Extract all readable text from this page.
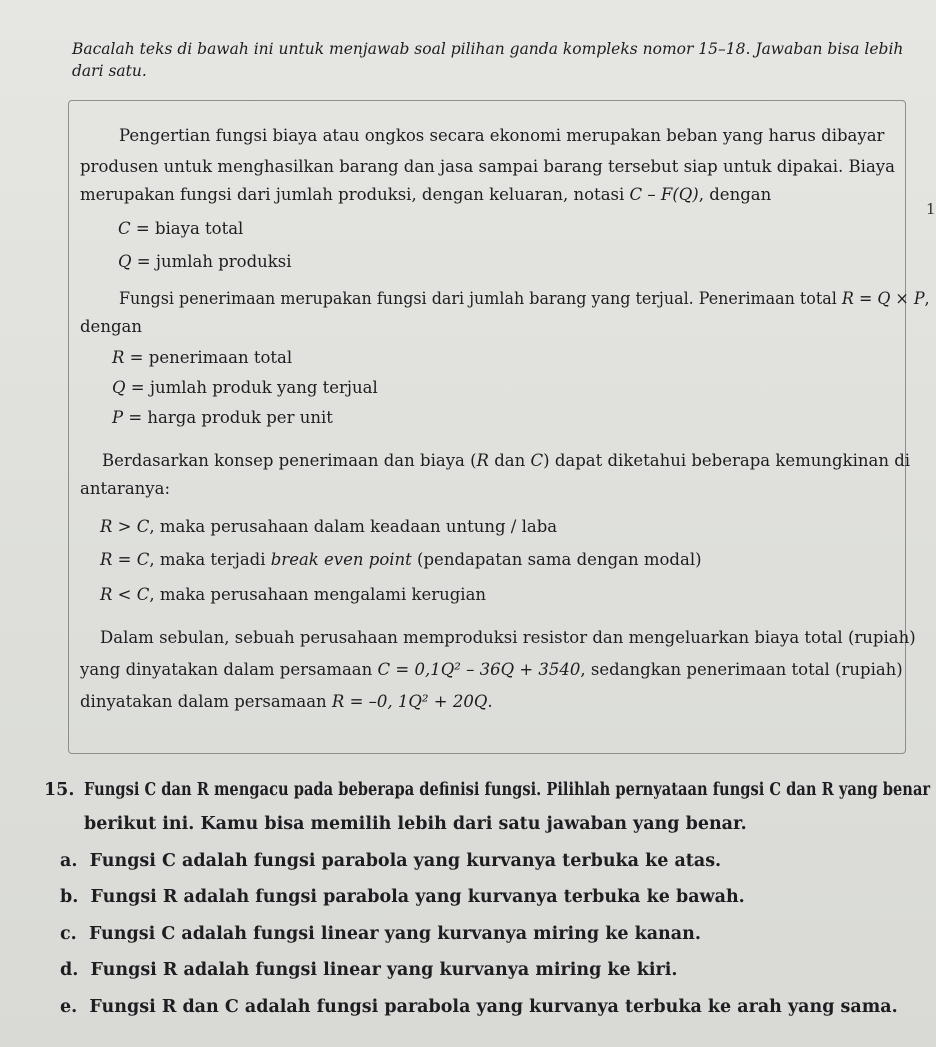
Bacalah teks di bawah ini untuk menjawab soal pilihan ganda kompleks nomor 15–18. Jawaban bisa lebih
dari satu.
1
Pengertian fungsi biaya atau ongkos secara ekonomi merupakan beban yang harus dibayar
produsen untuk menghasilkan barang dan jasa sampai barang tersebut siap untuk dipakai. Biaya
merupakan fungsi dari jumlah produksi, dengan keluaran, notasi C – F(Q), dengan
C = biaya total
Q = jumlah produksi
Fungsi penerimaan merupakan fungsi dari jumlah barang yang terjual. Penerimaan total R = Q × P,
dengan
R = penerimaan total
Q = jumlah produk yang terjual
P = harga produk per unit
Berdasarkan konsep penerimaan dan biaya (R dan C) dapat diketahui beberapa kemungkinan di
antaranya:
R > C, maka perusahaan dalam keadaan untung / laba
R = C, maka terjadi break even point (pendapatan sama dengan modal)
R < C, maka perusahaan mengalami kerugian
Dalam sebulan, sebuah perusahaan memproduksi resistor dan mengeluarkan biaya total (rupiah)
yang dinyatakan dalam persamaan C = 0,1Q² – 36Q + 3540, sedangkan penerimaan total (rupiah)
dinyatakan dalam persamaan R = –0, 1Q² + 20Q.
15. Fungsi C dan R mengacu pada beberapa definisi fungsi. Pilihlah pernyataan fungsi C dan R yang benar
berikut ini. Kamu bisa memilih lebih dari satu jawaban yang benar.
a. Fungsi C adalah fungsi parabola yang kurvanya terbuka ke atas.
b. Fungsi R adalah fungsi parabola yang kurvanya terbuka ke bawah.
c. Fungsi C adalah fungsi linear yang kurvanya miring ke kanan.
d. Fungsi R adalah fungsi linear yang kurvanya miring ke kiri.
e. Fungsi R dan C adalah fungsi parabola yang kurvanya terbuka ke arah yang sama.
